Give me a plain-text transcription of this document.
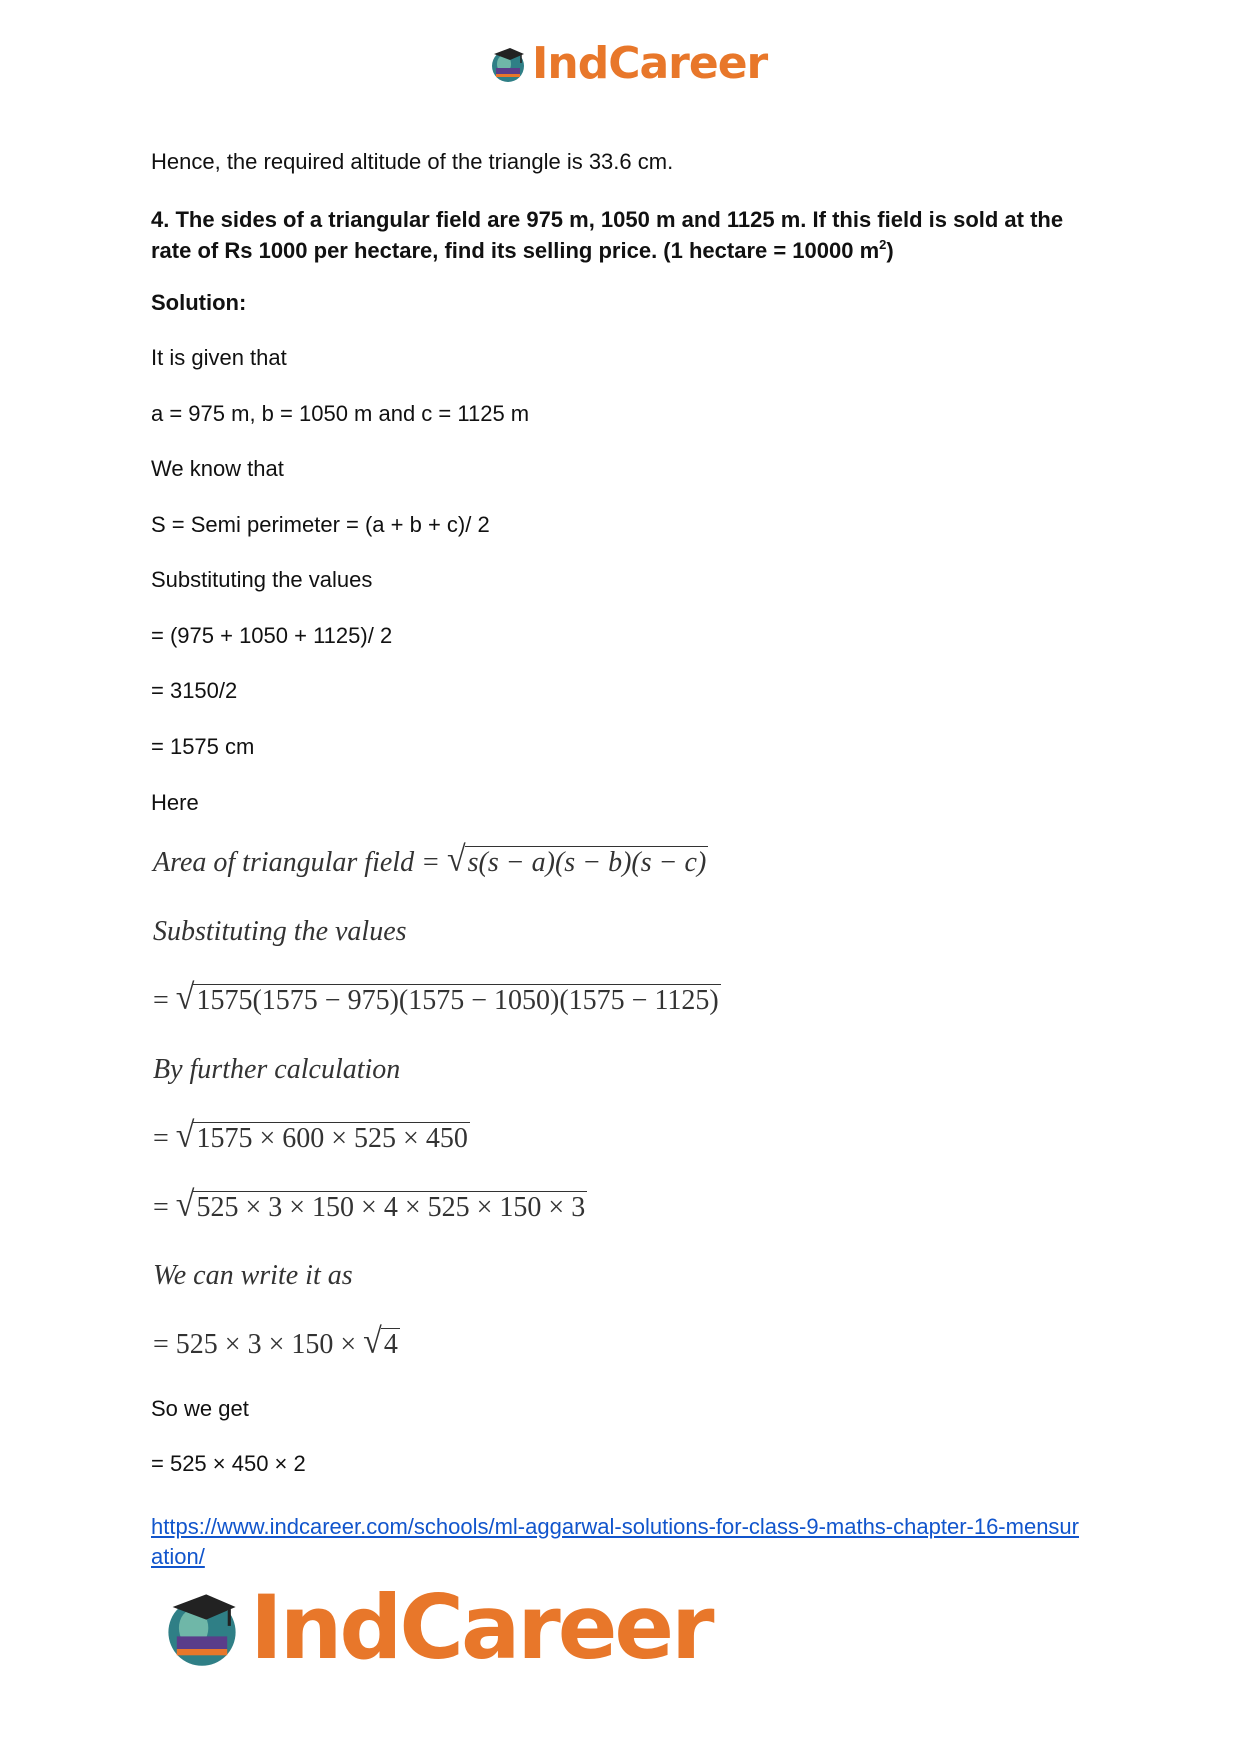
IndCareer
Hence, the required altitude of the triangle is 33.6 cm.
4. The sides of a triangular field are 975 m, 1050 m and 1125 m. If this field is sold at the rate of Rs 1000 per hectare, find its selling price. (1 hectare = 10000 $m^2$)
Solution:
It is given that
a = 975 m, b = 1050 m and c = 1125 m
We know that
S = Semi perimeter = (a + b + c)/ 2
Substituting the values
= (975 + 1050 + 1125)/ 2
= 3150/2
= 1575 cm
Here
Area of triangular field = √ s(s − a)(s − b)(s − c)
Substituting the values
= √ 1575(1575 − 975)(1575 − 1050)(1575 − 1125)
By further calculation
= √ 1575 × 600 × 525 × 450
= √ 525 × 3 × 150 × 4 × 525 × 150 × 3
We can write it as
= 525 × 3 × 150 × √ 4
So we get
= 525 × 450 × 2
https://www.indcareer.com/schools/ml-aggarwal-solutions-for-class-9-maths-chapter-16-mensuration/
IndCareer
